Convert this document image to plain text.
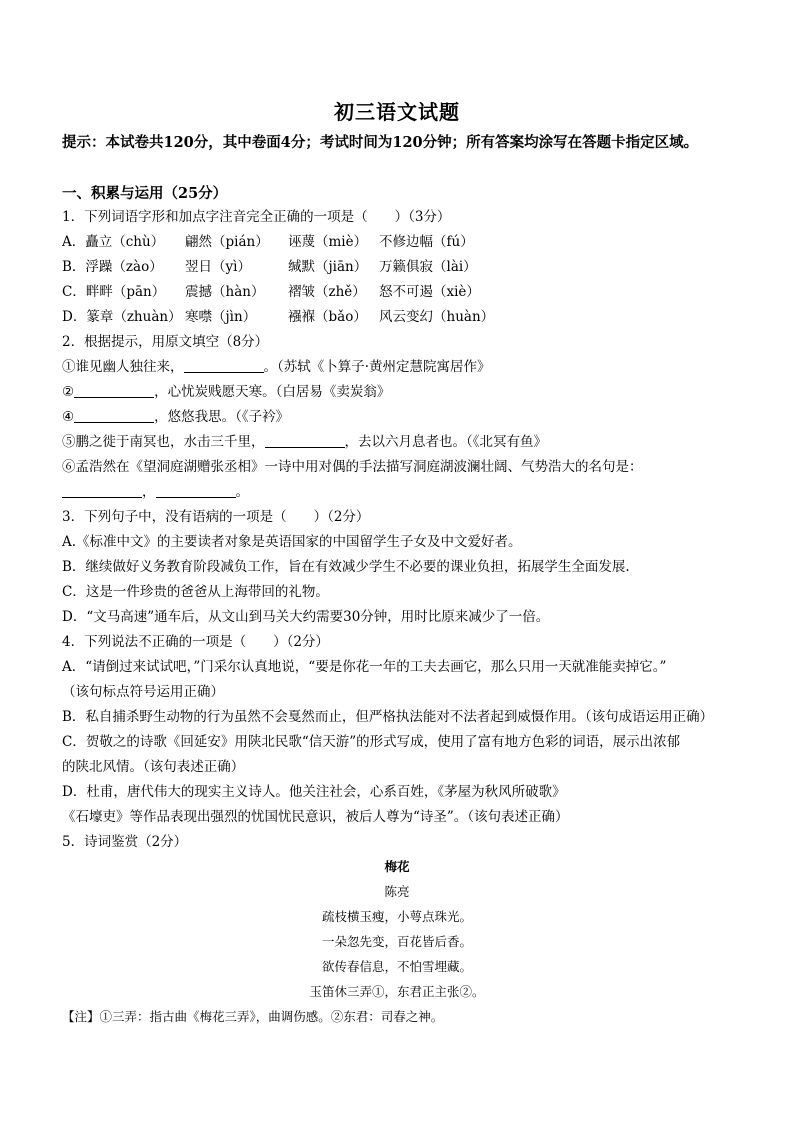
初三语文试题
提示：本试卷共120分，其中卷面4分；考试时间为120分钟；所有答案均涂写在答题卡指定区域。
一、积累与运用（25分）
1．下列词语字形和加点字注音完全正确的一项是（　　）（3分）
A．矗立（chù） 翩然（pián） 诬蔑（miè） 不修边幅（fú）
B．浮躁（zào） 翌日（yì）	缄默（jiān） 万籁俱寂（lài）
C．畔畔（pān） 震撼（hàn） 褶皱（zhě） 怒不可遏（xiè）
D．篆章（zhuàn） 寒噤（jìn） 襁褓（bǎo） 风云变幻（huàn）
2．根据提示，用原文填空（8分）
①谁见幽人独往来，	。（苏轼《卜算子·黄州定慧院寓居作》
②	，心忧炭贱愿天寒。（白居易《卖炭翁》
④	，悠悠我思。（《子衿》
⑤鹏之徙于南冥也，水击三千里，	，去以六月息者也。（《北冥有鱼》
⑥孟浩然在《望洞庭湖赠张丞相》一诗中用对偶的手法描写洞庭湖波澜壮阔、气势浩大的名句是：
，	。
3．下列句子中，没有语病的一项是（　　）（2分）
A.《标准中文》的主要读者对象是英语国家的中国留学生子女及中文爱好者。
B．继续做好义务教育阶段减负工作，旨在有效减少学生不必要的课业负担，拓展学生全面发展.
C．这是一件珍贵的爸爸从上海带回的礼物。
D．“文马高速”通车后，从文山到马关大约需要30分钟，用时比原来减少了一倍。
4．下列说法不正确的一项是（　　）（2分）
A．“请倒过来试试吧，”门采尔认真地说，“要是你花一年的工夫去画它，那么只用一天就准能卖掉它。”
（该句标点符号运用正确）
B．私自捕杀野生动物的行为虽然不会戛然而止，但严格执法能对不法者起到威慑作用。（该句成语运用正确）
C．贺敬之的诗歌《回延安》用陕北民歌“信天游”的形式写成，使用了富有地方色彩的词语，展示出浓郁
的陕北风情。（该句表述正确）
D．杜甫，唐代伟大的现实主义诗人。他关注社会，心系百姓，《茅屋为秋风所破歌》
《石壕吏》等作品表现出强烈的忧国忧民意识，被后人尊为“诗圣”。（该句表述正确）
5．诗词鉴赏（2分）
梅花
陈亮
疏枝横玉瘦，小萼点珠光。
一朵忽先变，百花皆后香。
欲传春信息，不怕雪埋藏。
玉笛休三弄①，东君正主张②。
【注】①三弄：指古曲《梅花三弄》，曲调伤感。②东君：司春之神。
